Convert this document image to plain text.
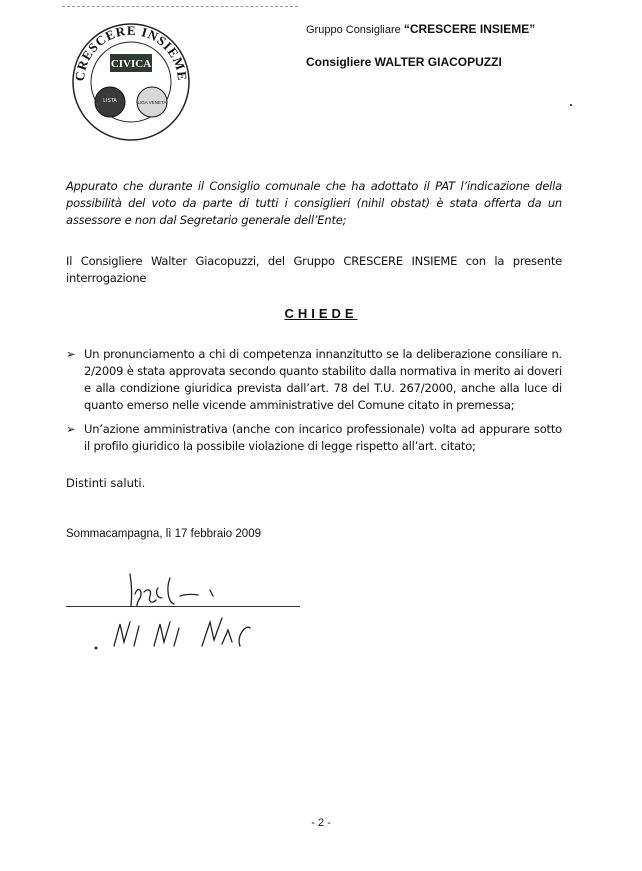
CRESCERE INSIEME
CIVICA
LISTA	LIGA VENETA
Gruppo Consigliare “CRESCERE INSIEME”
Consigliere WALTER GIACOPUZZI
Appurato che durante il Consiglio comunale che ha adottato il PAT l’indicazione della possibilità del voto da parte di tutti i consiglieri (nihil obstat) è stata offerta da un assessore e non dal Segretario generale dell’Ente;
Il Consigliere Walter Giacopuzzi, del Gruppo CRESCERE INSIEME con la presente interrogazione
CHIEDE
➢ Un pronunciamento a chi di competenza innanzitutto se la deliberazione consiliare n. 2/2009 è stata approvata secondo quanto stabilito dalla normativa in merito ai doveri e alla condizione giuridica prevista dall’art. 78 del T.U. 267/2000, anche alla luce di quanto emerso nelle vicende amministrative del Comune citato in premessa;
➢ Un’azione amministrativa (anche con incarico professionale) volta ad appurare sotto il profilo giuridico la possibile violazione di legge rispetto all’art. citato;
Distinti saluti.
Sommacampagna, lì 17 febbraio 2009
- 2 -
